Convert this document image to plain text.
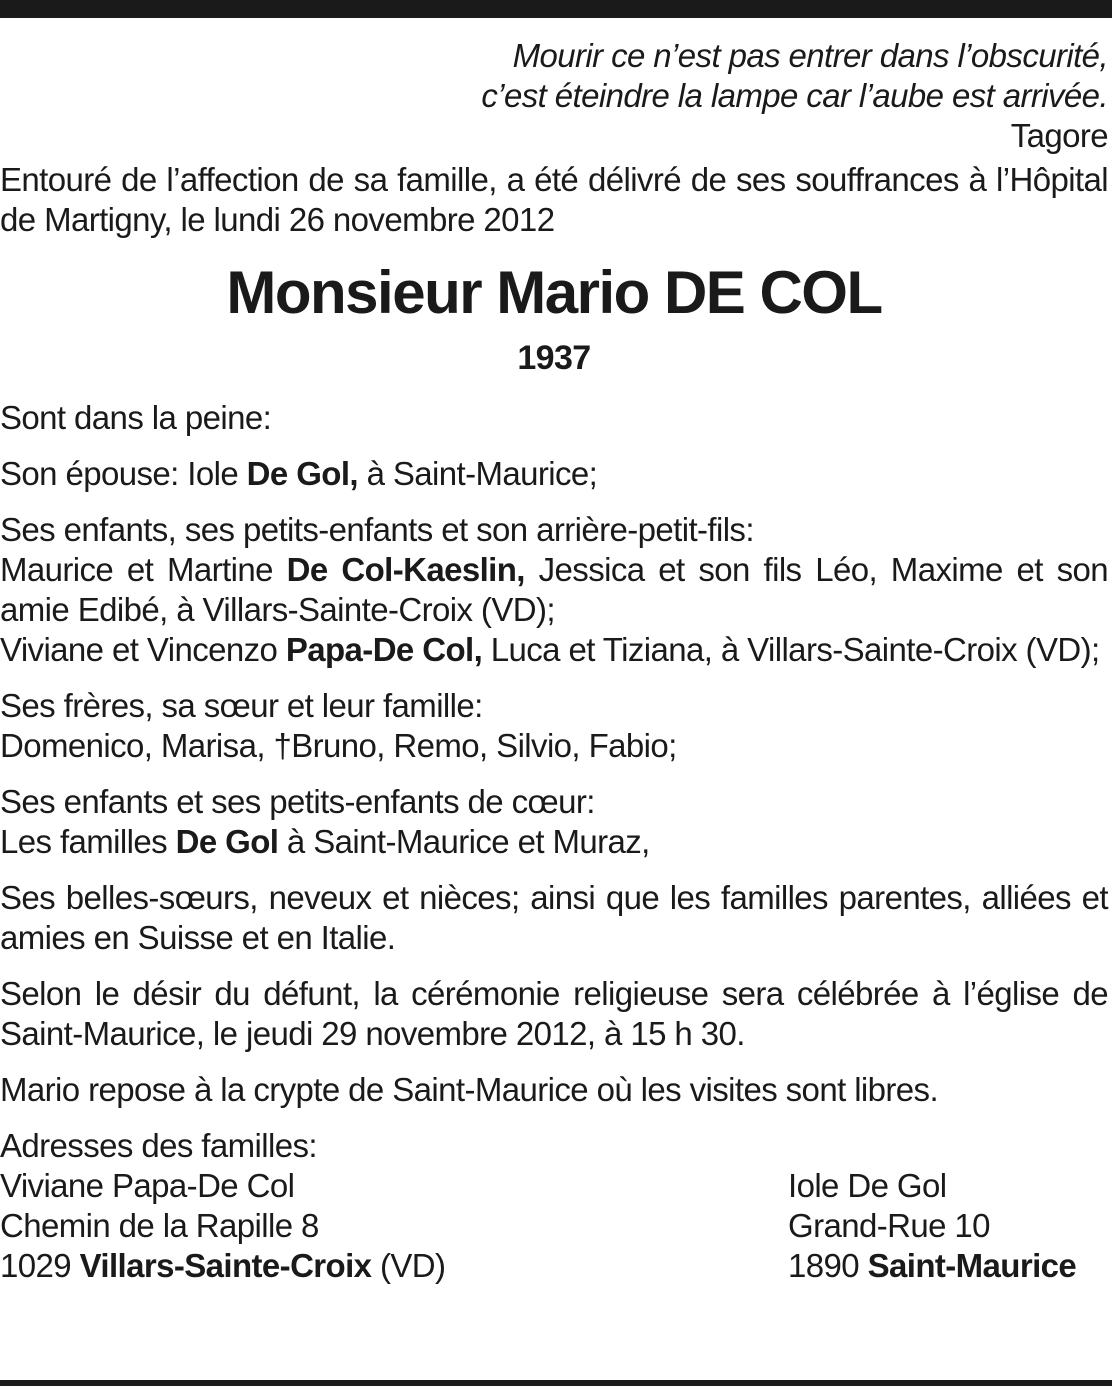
Mourir ce n’est pas entrer dans l’obscurité,
c’est éteindre la lampe car l’aube est arrivée.
Tagore

Entouré de l’affection de sa famille, a été délivré de ses souffrances à l’Hôpital de Martigny, le lundi 26 novembre 2012

Monsieur Mario DE COL
1937

Sont dans la peine:

Son épouse: Iole De Gol, à Saint-Maurice;

Ses enfants, ses petits-enfants et son arrière-petit-fils:
Maurice et Martine De Col-Kaeslin, Jessica et son fils Léo, Maxime et son amie Edibé, à Villars-Sainte-Croix (VD);
Viviane et Vincenzo Papa-De Col, Luca et Tiziana, à Villars-Sainte-Croix (VD);
Ses frères, sa sœur et leur famille:
Domenico, Marisa, †Bruno, Remo, Silvio, Fabio;
Ses enfants et ses petits-enfants de cœur:
Les familles De Gol à Saint-Maurice et Muraz,

Ses belles-sœurs, neveux et nièces; ainsi que les familles parentes, alliées et amies en Suisse et en Italie.

Selon le désir du défunt, la cérémonie religieuse sera célébrée à l’église de Saint-Maurice, le jeudi 29 novembre 2012, à 15 h 30.

Mario repose à la crypte de Saint-Maurice où les visites sont libres.

Adresses des familles:
Viviane Papa-De Col
Chemin de la Rapille 8
1029 Villars-Sainte-Croix (VD)
Iole De Gol
Grand-Rue 10
1890 Saint-Maurice
